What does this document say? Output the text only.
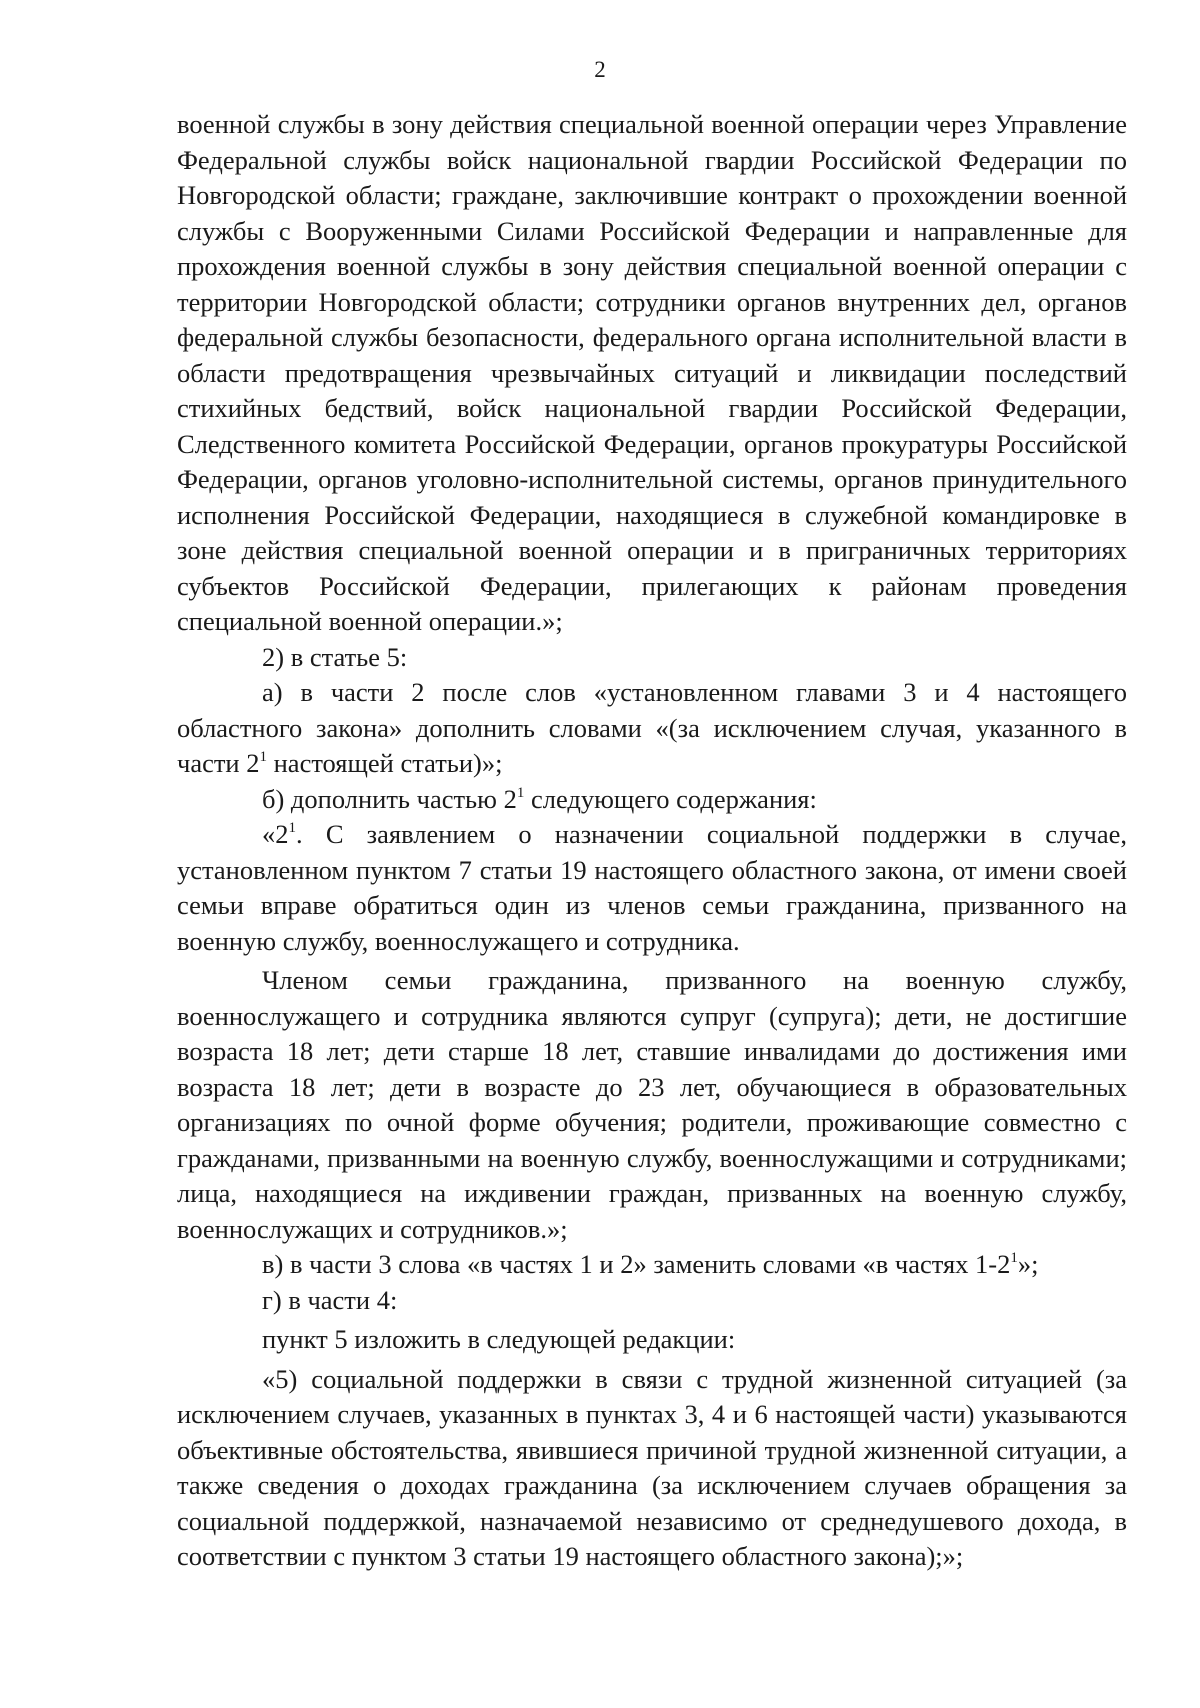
2

военной службы в зону действия специальной военной операции через Управление Федеральной службы войск национальной гвардии Российской Федерации по Новгородской области; граждане, заключившие контракт о прохождении военной службы с Вооруженными Силами Российской Федерации и направленные для прохождения военной службы в зону действия специальной военной операции с территории Новгородской области; сотрудники органов внутренних дел, органов федеральной службы безопасности, федерального органа исполнительной власти в области предотвращения чрезвычайных ситуаций и ликвидации последствий стихийных бедствий, войск национальной гвардии Российской Федерации, Следственного комитета Российской Федерации, органов прокуратуры Российской Федерации, органов уголовно-исполнительной системы, органов принудительного исполнения Российской Федерации, находящиеся в служебной командировке в зоне действия специальной военной операции и в приграничных территориях субъектов Российской Федерации, прилегающих к районам проведения специальной военной операции.»;

2) в статье 5:

а) в части 2 после слов «установленном главами 3 и 4 настоящего областного закона» дополнить словами «(за исключением случая, указанного в части $2^1$ настоящей статьи)»;

б) дополнить частью $2^1$ следующего содержания:

«$2^1$. С заявлением о назначении социальной поддержки в случае, установленном пунктом 7 статьи 19 настоящего областного закона, от имени своей семьи вправе обратиться один из членов семьи гражданина, призванного на военную службу, военнослужащего и сотрудника.

Членом семьи гражданина, призванного на военную службу, военнослужащего и сотрудника являются супруг (супруга); дети, не достигшие возраста 18 лет; дети старше 18 лет, ставшие инвалидами до достижения ими возраста 18 лет; дети в возрасте до 23 лет, обучающиеся в образовательных организациях по очной форме обучения; родители, проживающие совместно с гражданами, призванными на военную службу, военнослужащими и сотрудниками; лица, находящиеся на иждивении граждан, призванных на военную службу, военнослужащих и сотрудников.»;

в) в части 3 слова «в частях 1 и 2» заменить словами «в частях $1-2^1$»;

г) в части 4:

пункт 5 изложить в следующей редакции:

«5) социальной поддержки в связи с трудной жизненной ситуацией (за исключением случаев, указанных в пунктах 3, 4 и 6 настоящей части) указываются объективные обстоятельства, явившиеся причиной трудной жизненной ситуации, а также сведения о доходах гражданина (за исключением случаев обращения за социальной поддержкой, назначаемой независимо от среднедушевого дохода, в соответствии с пунктом 3 статьи 19 настоящего областного закона);»;
